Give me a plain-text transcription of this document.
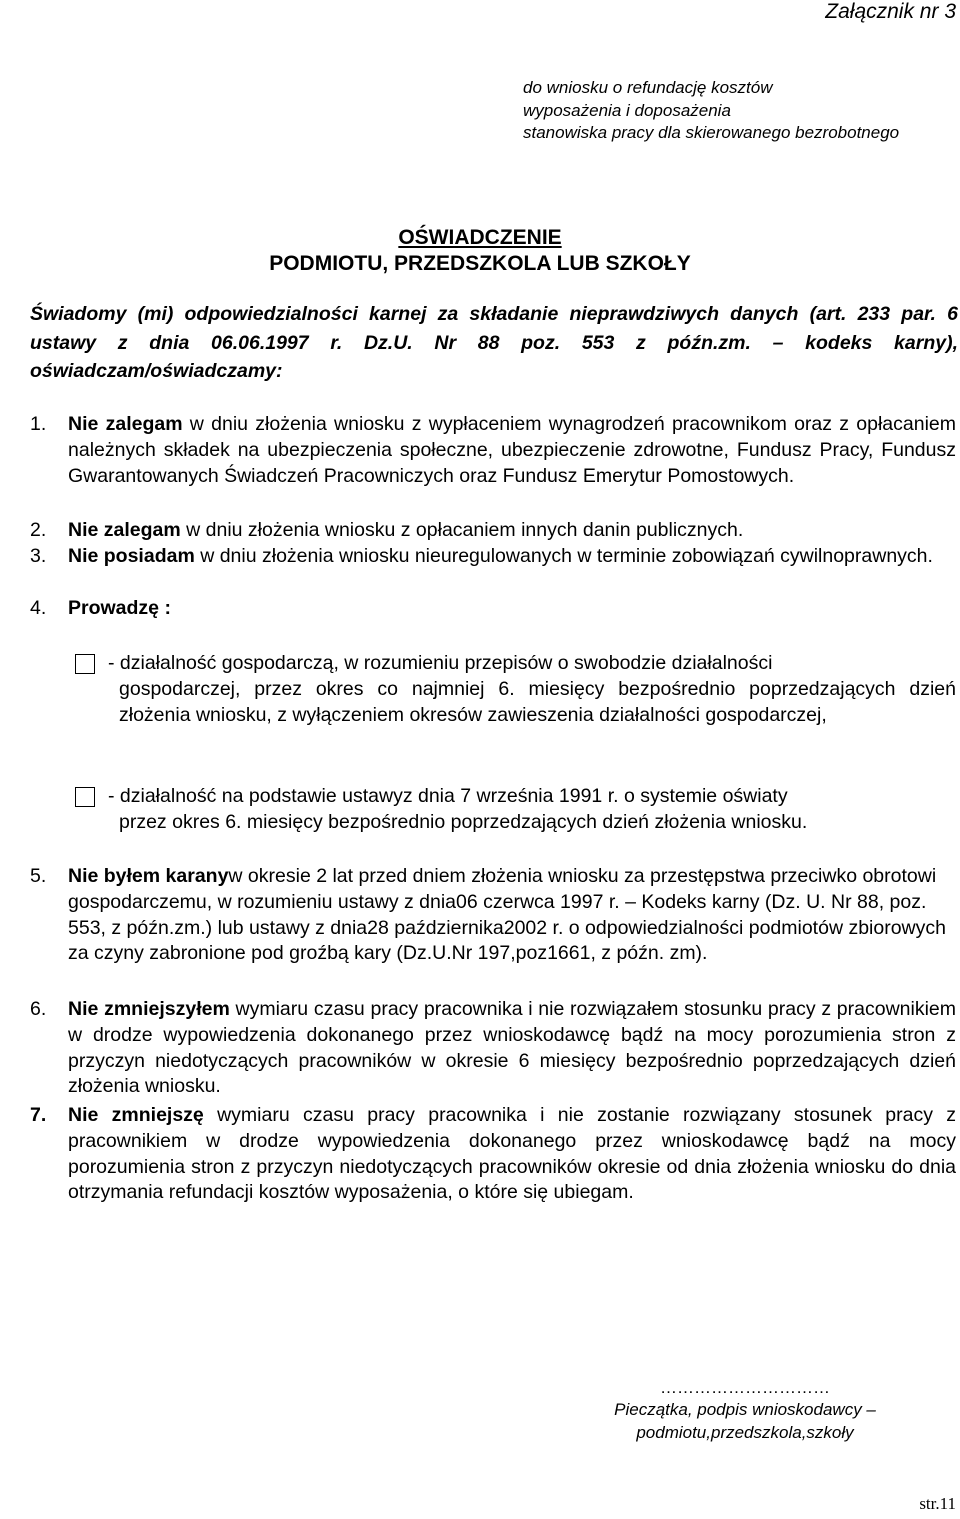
Załącznik nr 3
do wniosku o refundację kosztów
wyposażenia i doposażenia
stanowiska pracy dla skierowanego bezrobotnego
OŚWIADCZENIE
PODMIOTU, PRZEDSZKOLA LUB SZKOŁY
Świadomy (mi) odpowiedzialności karnej za składanie nieprawdziwych danych (art. 233 par. 6 ustawy z dnia 06.06.1997 r. Dz.U. Nr 88 poz. 553 z późn.zm. – kodeks karny), oświadczam/oświadczamy:
1.	Nie zalegam w dniu złożenia wniosku z wypłaceniem wynagrodzeń pracownikom oraz z opłacaniem należnych składek na ubezpieczenia społeczne, ubezpieczenie zdrowotne, Fundusz Pracy, Fundusz Gwarantowanych Świadczeń Pracowniczych oraz Fundusz Emerytur Pomostowych.
2.	Nie zalegam w dniu złożenia wniosku z opłacaniem innych danin publicznych.
3.	Nie posiadam w dniu złożenia wniosku nieuregulowanych w terminie zobowiązań cywilnoprawnych.
4.	Prowadzę :
- działalność gospodarczą, w rozumieniu przepisów o swobodzie działalności
gospodarczej, przez okres co najmniej 6. miesięcy bezpośrednio poprzedzających dzień złożenia wniosku, z wyłączeniem okresów zawieszenia działalności gospodarczej,
- działalność na podstawie ustawyz dnia 7 września 1991 r. o systemie oświaty
przez okres 6. miesięcy bezpośrednio poprzedzających dzień złożenia wniosku.
5.	Nie byłem karanyw okresie 2 lat przed dniem złożenia wniosku za przestępstwa przeciwko obrotowi gospodarczemu, w rozumieniu ustawy z dnia06 czerwca 1997 r. – Kodeks karny (Dz. U. Nr 88, poz. 553, z późn.zm.) lub ustawy z dnia28 października2002 r. o odpowiedzialności podmiotów zbiorowych za czyny zabronione pod groźbą kary (Dz.U.Nr 197,poz1661, z późn. zm).
6.	Nie zmniejszyłem wymiaru czasu pracy pracownika i nie rozwiązałem stosunku pracy z pracownikiem w drodze wypowiedzenia dokonanego przez wnioskodawcę bądź na mocy porozumienia stron z przyczyn niedotyczących pracowników w okresie 6 miesięcy bezpośrednio poprzedzających dzień złożenia wniosku.
7.	Nie zmniejszę wymiaru czasu pracy pracownika i nie zostanie rozwiązany stosunek pracy z pracownikiem w drodze wypowiedzenia dokonanego przez wnioskodawcę bądź na mocy porozumienia stron z przyczyn niedotyczących pracowników okresie od dnia złożenia wniosku do dnia otrzymania refundacji kosztów wyposażenia, o które się ubiegam.
…………………………
Pieczątka, podpis wnioskodawcy –
podmiotu,przedszkola,szkoły
str.11
